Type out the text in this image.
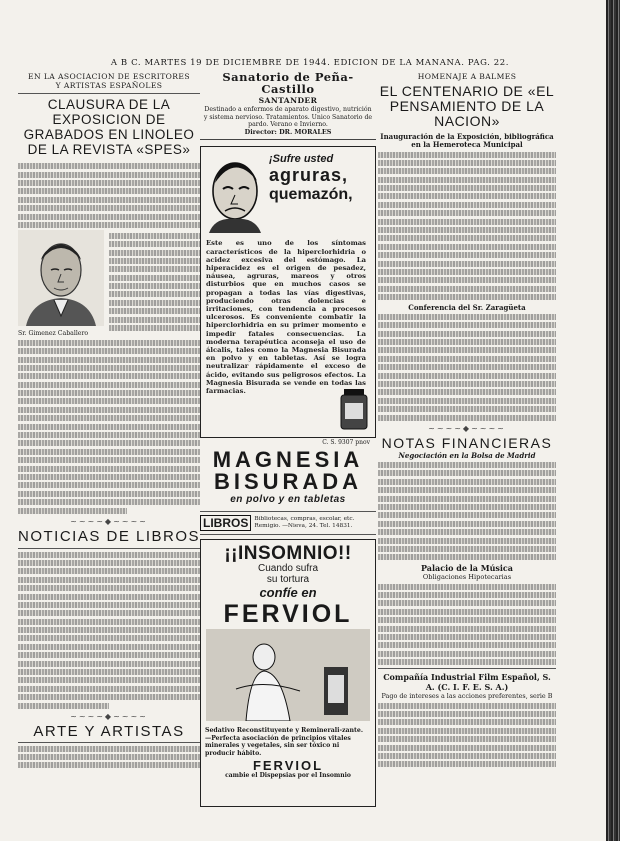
A B C. MARTES 19 DE DICIEMBRE DE 1944. EDICION DE LA MAÑANA. PAG. 22.
EN LA ASOCIACION DE ESCRITORES
Y ARTISTAS ESPAÑOLES
CLAUSURA DE LA EXPOSICION DE GRABADOS EN LINOLEO DE LA REVISTA «SPES»
Sr. Gimenez Caballero
~~~~◆~~~~
NOTICIAS DE LIBROS
~~~~◆~~~~
ARTE Y ARTISTAS
Sanatorio de Peña-Castillo
SANTANDER
Destinado a enfermos de aparato digestivo, nutrición y sistema nervioso. Tratamientos. Unico Sanatorio de pardo. Verano e Invierno.
Director: DR. MORALES
¡Sufre usted
agruras,
quemazón,
Este es uno de los síntomas característicos de la hiperclorhidria o acidez excesiva del estómago. La hiperacidez es el origen de pesadez, náusea, agruras, mareos y otros disturbios que en muchos casos se propagan a todas las vías digestivas, produciendo otras dolencias e irritaciones, con tendencia a procesos ulcerosos. Es conveniente combatir la hiperclorhidria en su primer momento e impedir fatales consecuencias. La moderna terapéutica aconseja el uso de álcalis, tales como la Magnesia Bisurada en polvo y en tabletas. Así se logra neutralizar rápidamente el exceso de ácido, evitando sus peligrosos efectos. La Magnesia Bisurada se vende en todas las farmacias.
C. S. 9307 pnov
MAGNESIA
BISURADA
en polvo y en tabletas
LIBROS	Bibliotecas, compras, escolar, etc. Remigio. —Nieva, 24. Tel. 14831.
¡¡INSOMNIO!!
Cuando sufra
su tortura
confíe en
FERVIOL
Sedativo Reconstituyente y Reminerali-zante. —Perfecta asociación de principios vitales minerales y vegetales, sin ser tóxico ni producir hábito.
FERVIOL
cambie el Dispepsias por el Insomnio
HOMENAJE A BALMES
EL CENTENARIO DE «EL PENSAMIENTO DE LA NACION»
Inauguración de la Exposición, bibliográfica en la Hemeroteca Municipal
Conferencia del Sr. Zaragüeta
~~~~◆~~~~
NOTAS FINANCIERAS
Negociación en la Bolsa de Madrid
Palacio de la Música
Obligaciones Hipotecarias
Compañía Industrial Film Español, S. A. (C. I. F. E. S. A.)
Pago de intereses a las acciones preferentes, serie B
